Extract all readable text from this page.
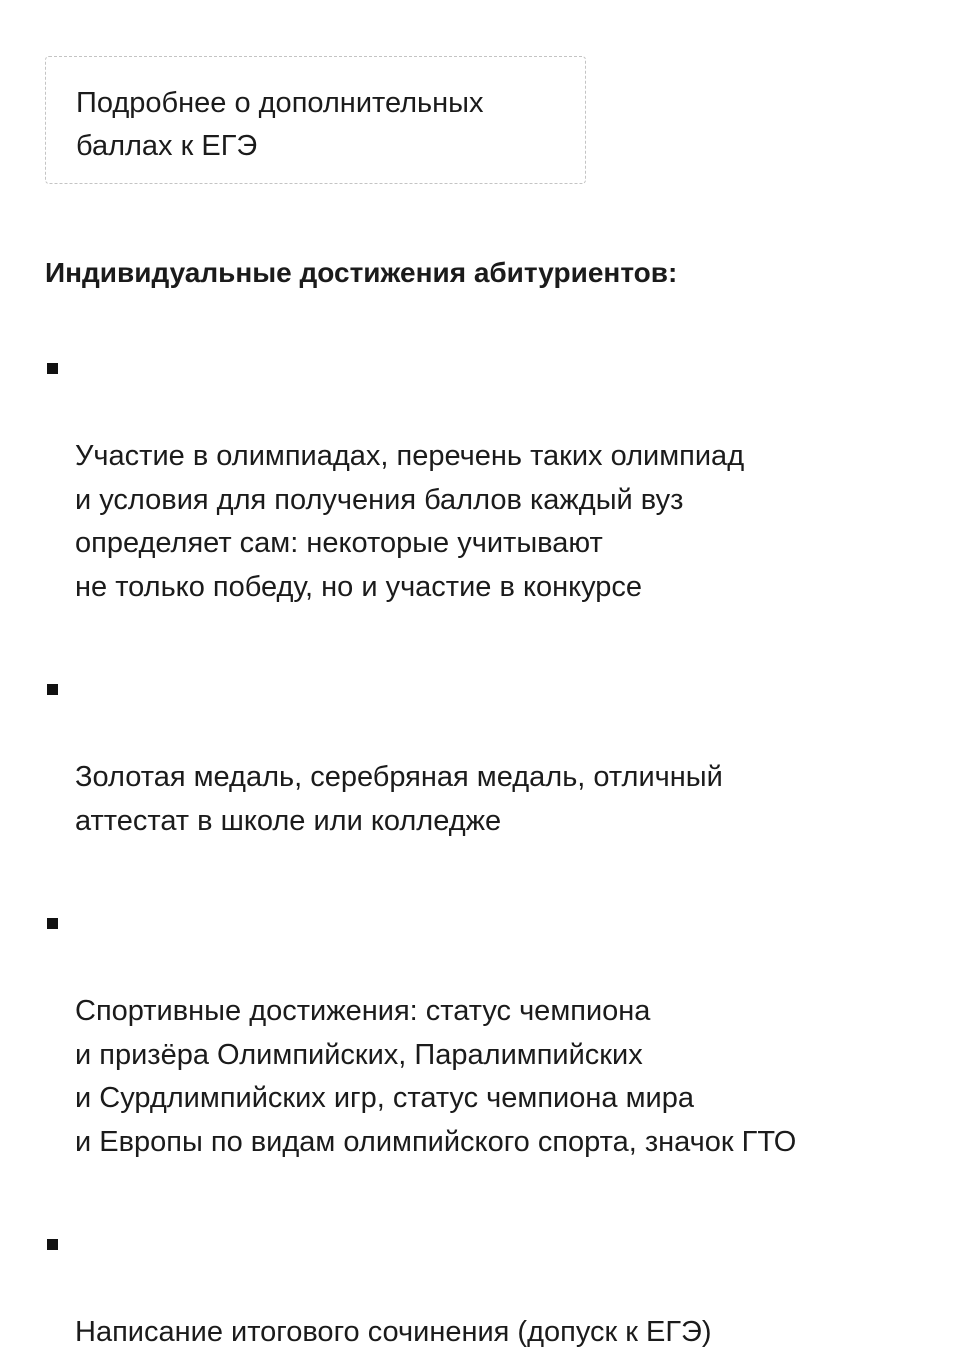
Подробнее о дополнительных
баллах к ЕГЭ
Индивидуальные достижения абитуриентов:

Участие в олимпиадах, перечень таких олимпиад
и условия для получения баллов каждый вуз
определяет сам: некоторые учитывают
не только победу, но и участие в конкурсе

Золотая медаль, серебряная медаль, отличный
аттестат в школе или колледже

Спортивные достижения: статус чемпиона
и призёра Олимпийских, Паралимпийских
и Сурдлимпийских игр, статус чемпиона мира
и Европы по видам олимпийского спорта, значок ГТО

Написание итогового сочинения (допуск к ЕГЭ)
